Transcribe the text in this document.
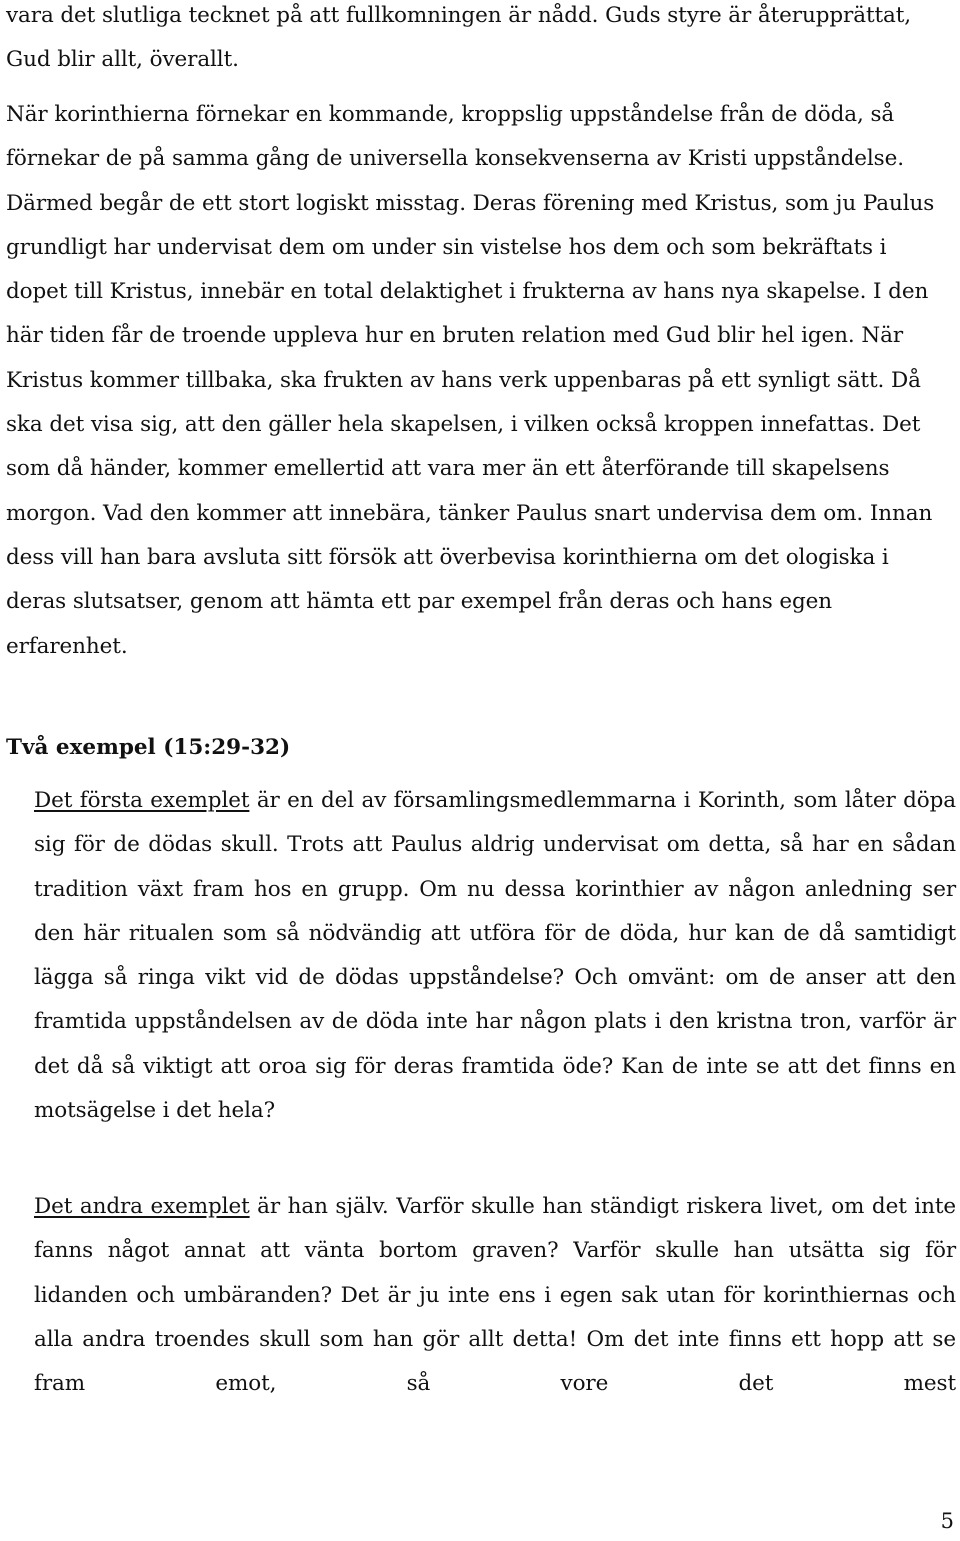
vara det slutliga tecknet på att fullkomningen är nådd. Guds styre är återupprättat, Gud blir allt, överallt.

När korinthierna förnekar en kommande, kroppslig uppståndelse från de döda, så förnekar de på samma gång de universella konsekvenserna av Kristi uppståndelse. Därmed begår de ett stort logiskt misstag. Deras förening med Kristus, som ju Paulus grundligt har undervisat dem om under sin vistelse hos dem och som bekräftats i dopet till Kristus, innebär en total delaktighet i frukterna av hans nya skapelse. I den här tiden får de troende uppleva hur en bruten relation med Gud blir hel igen. När Kristus kommer tillbaka, ska frukten av hans verk uppenbaras på ett synligt sätt. Då ska det visa sig, att den gäller hela skapelsen, i vilken också kroppen innefattas. Det som då händer, kommer emellertid att vara mer än ett återförande till skapelsens morgon. Vad den kommer att innebära, tänker Paulus snart undervisa dem om. Innan dess vill han bara avsluta sitt försök att överbevisa korinthierna om det ologiska i deras slutsatser, genom att hämta ett par exempel från deras och hans egen erfarenhet.

Två exempel (15:29-32)

Det första exemplet är en del av församlingsmedlemmarna i Korinth, som låter döpa sig för de dödas skull. Trots att Paulus aldrig undervisat om detta, så har en sådan tradition växt fram hos en grupp. Om nu dessa korinthier av någon anledning ser den här ritualen som så nödvändig att utföra för de döda, hur kan de då samtidigt lägga så ringa vikt vid de dödas uppståndelse? Och omvänt: om de anser att den framtida uppståndelsen av de döda inte har någon plats i den kristna tron, varför är det då så viktigt att oroa sig för deras framtida öde? Kan de inte se att det finns en motsägelse i det hela?

Det andra exemplet är han själv. Varför skulle han ständigt riskera livet, om det inte fanns något annat att vänta bortom graven? Varför skulle han utsätta sig för lidanden och umbäranden? Det är ju inte ens i egen sak utan för korinthiernas och alla andra troendes skull som han gör allt detta! Om det inte finns ett hopp att se fram emot, så vore det mest

5
